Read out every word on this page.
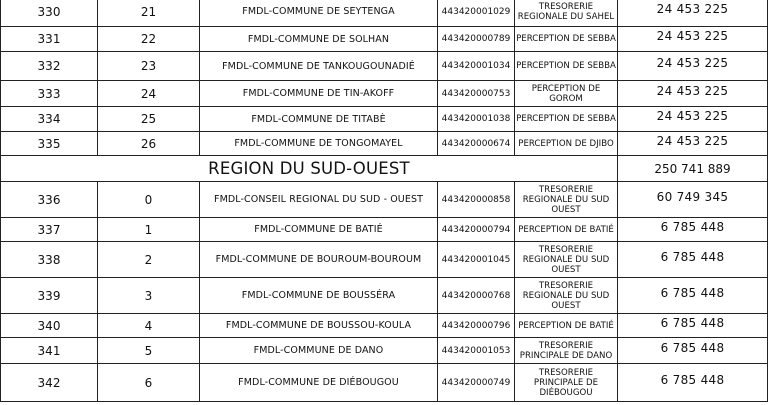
330	21	FMDL-COMMUNE DE SEYTENGA	443420001029	TRESORERIE REGIONALE DU SAHEL	24 453 225
331	22	FMDL-COMMUNE DE SOLHAN	443420000789	PERCEPTION DE SEBBA	24 453 225
332	23	FMDL-COMMUNE DE TANKOUGOUNADIÉ	443420001034	PERCEPTION DE SEBBA	24 453 225
333	24	FMDL-COMMUNE DE TIN-AKOFF	443420000753	PERCEPTION DE GOROM	24 453 225
334	25	FMDL-COMMUNE DE TITABÈ	443420001038	PERCEPTION DE SEBBA	24 453 225
335	26	FMDL-COMMUNE DE TONGOMAYEL	443420000674	PERCEPTION DE DJIBO	24 453 225
REGION DU SUD-OUEST					250 741 889
336	0	FMDL-CONSEIL REGIONAL DU SUD - OUEST	443420000858	TRESORERIE REGIONALE DU SUD OUEST	60 749 345
337	1	FMDL-COMMUNE DE BATIÉ	443420000794	PERCEPTION DE BATIÉ	6 785 448
338	2	FMDL-COMMUNE DE BOUROUM-BOUROUM	443420001045	TRESORERIE REGIONALE DU SUD OUEST	6 785 448
339	3	FMDL-COMMUNE DE BOUSSÉRA	443420000768	TRESORERIE REGIONALE DU SUD OUEST	6 785 448
340	4	FMDL-COMMUNE DE BOUSSOU-KOULA	443420000796	PERCEPTION DE BATIÉ	6 785 448
341	5	FMDL-COMMUNE DE DANO	443420001053	TRESORERIE PRINCIPALE DE DANO	6 785 448
342	6	FMDL-COMMUNE DE DIÉBOUGOU	443420000749	TRESORERIE PRINCIPALE DE DIÉBOUGOU	6 785 448
